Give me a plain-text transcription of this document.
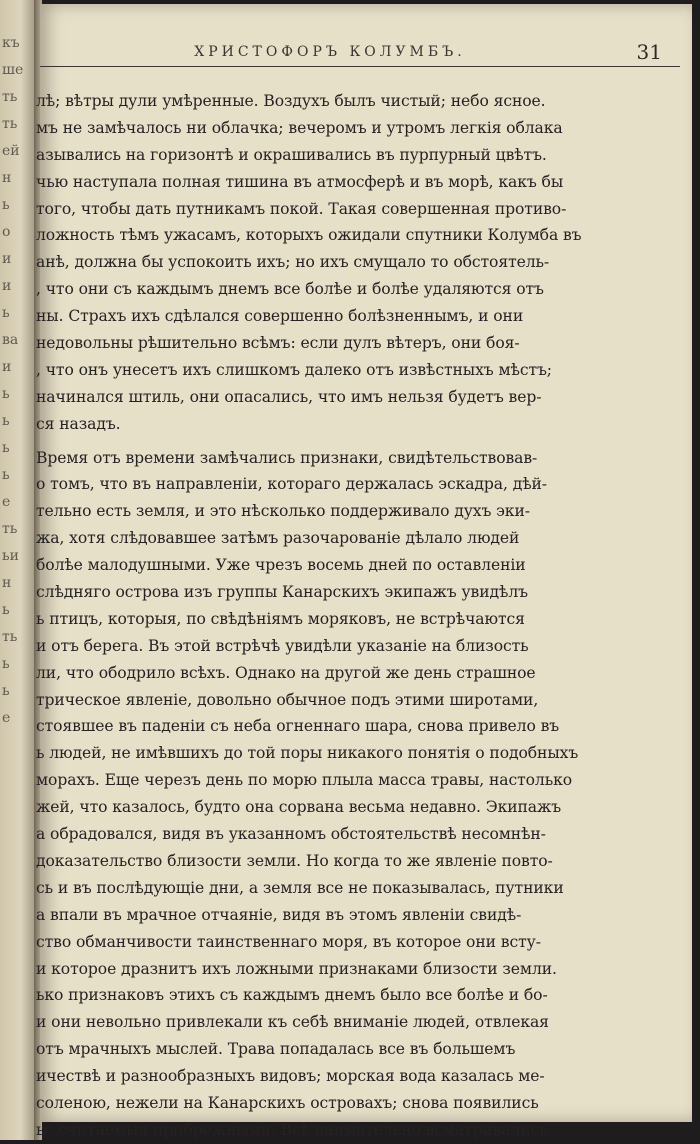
къ
ше
ть
ть
ей
н
ь
о
и
и
ь
ва
и
ь
ь
ь
ь
е
ть
ьи
н
ь
ть
ь
ь
е
ХРИСТОФОРЪ КОЛУМБЪ.	31
лѣ; вѣтры дули умѣренные. Воздухъ былъ чистый; небо ясное.
мъ не замѣчалось ни облачка; вечеромъ и утромъ легкія облака
азывались на горизонтѣ и окрашивались въ пурпурный цвѣтъ.
чью наступала полная тишина въ атмосферѣ и въ морѣ, какъ бы
того, чтобы дать путникамъ покой. Такая совершенная противо-
ложность тѣмъ ужасамъ, которыхъ ожидали спутники Колумба въ
анѣ, должна бы успокоить ихъ; но ихъ смущало то обстоятель-
, что они съ каждымъ днемъ все болѣе и болѣе удаляются отъ
ны. Страхъ ихъ сдѣлался совершенно болѣзненнымъ, и они
недовольны рѣшительно всѣмъ: если дулъ вѣтеръ, они боя-
, что онъ унесетъ ихъ слишкомъ далеко отъ извѣстныхъ мѣстъ;
начинался штиль, они опасались, что имъ нельзя будетъ вер-
ся назадъ.
Время отъ времени замѣчались признаки, свидѣтельствовав-
о томъ, что въ направленіи, котораго держалась эскадра, дѣй-
тельно есть земля, и это нѣсколько поддерживало духъ эки-
жа, хотя слѣдовавшее затѣмъ разочарованіе дѣлало людей
болѣе малодушными. Уже чрезъ восемь дней по оставленіи
слѣдняго острова изъ группы Канарскихъ экипажъ увидѣлъ
ь птицъ, которыя, по свѣдѣніямъ моряковъ, не встрѣчаются
и отъ берега. Въ этой встрѣчѣ увидѣли указаніе на близость
ли, что ободрило всѣхъ. Однако на другой же день страшное
трическое явленіе, довольно обычное подъ этими широтами,
стоявшее въ паденіи съ неба огненнаго шара, снова привело въ
ь людей, не имѣвшихъ до той поры никакого понятія о подобныхъ
морахъ. Еще черезъ день по морю плыла масса травы, настолько
жей, что казалось, будто она сорвана весьма недавно. Экипажъ
а обрадовался, видя въ указанномъ обстоятельствѣ несомнѣн-
доказательство близости земли. Но когда то же явленіе повто-
сь и въ послѣдующіе дни, а земля все не показывалась, путники
а впали въ мрачное отчаяніе, видя въ этомъ явленіи свидѣ-
ство обманчивости таинственнаго моря, въ которое они всту-
и которое дразнитъ ихъ ложными признаками близости земли.
ько признаковъ этихъ съ каждымъ днемъ было все болѣе и бо-
и они невольно привлекали къ себѣ вниманіе людей, отвлекая
отъ мрачныхъ мыслей. Трава попадалась все въ большемъ
ичествѣ и разнообразныхъ видовъ; морская вода казалась ме-
соленою, нежели на Канарскихъ островахъ; снова появились
ы, считаемыя прибрежными. Всѣ внимательно всматривались
